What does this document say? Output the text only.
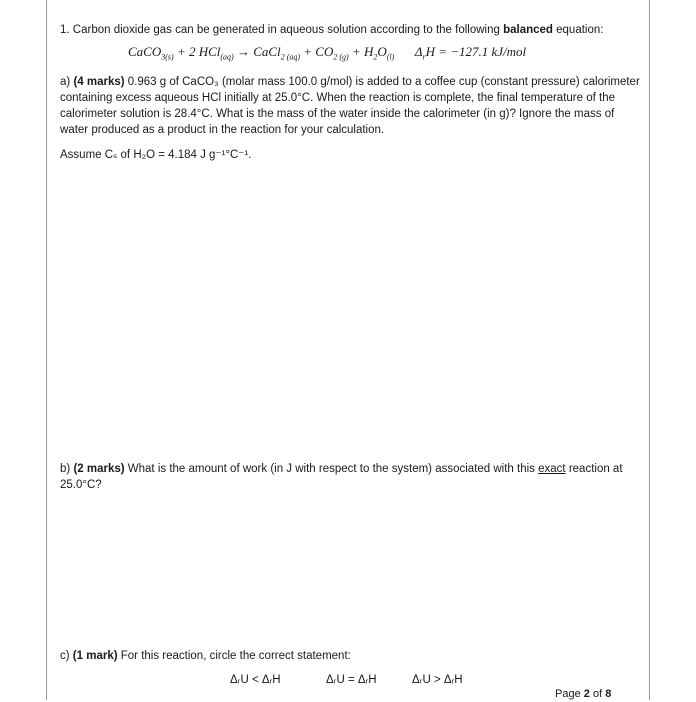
1. Carbon dioxide gas can be generated in aqueous solution according to the following balanced equation:
CaCO$_{3(s)}$ + 2 HCl$_{(aq)}$ → CaCl$_{2 (aq)}$ + $CO_{2 (g)} + H_2O_{(l)}$ $\Delta_rH = -127.1$ kJ/mol
a) (4 marks) 0.963 g of CaCO₃ (molar mass 100.0 g/mol) is added to a coffee cup (constant pressure) calorimeter containing excess aqueous HCl initially at 25.0°C. When the reaction is complete, the final temperature of the calorimeter solution is 28.4°C. What is the mass of the water inside the calorimeter (in g)? Ignore the mass of water produced as a product in the reaction for your calculation.
Assume Cₛ of H₂O = 4.184 J g⁻¹°C⁻¹.
b) (2 marks) What is the amount of work (in J with respect to the system) associated with this exact reaction at 25.0°C?
c) (1 mark) For this reaction, circle the correct statement:
ΔᵣU < ΔᵣH	ΔᵣU = ΔᵣH	ΔᵣU > ΔᵣH
Page 2 of 8
